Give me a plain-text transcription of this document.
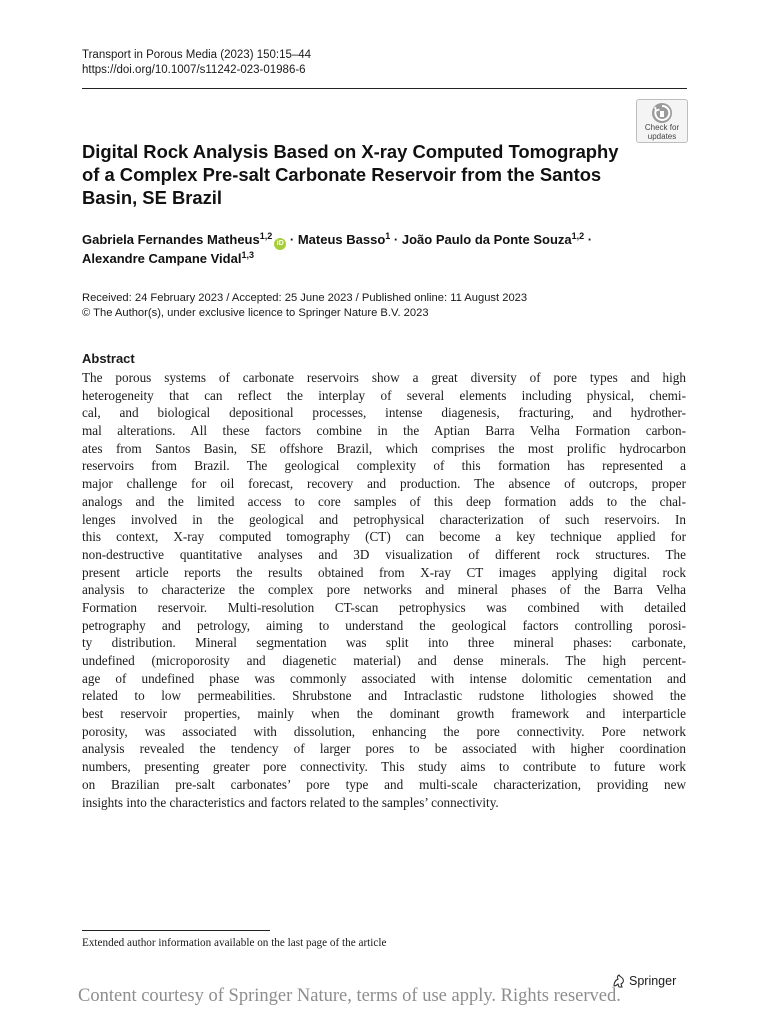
Transport in Porous Media (2023) 150:15–44
https://doi.org/10.1007/s11242-023-01986-6
Check for
updates
Digital Rock Analysis Based on X-ray Computed Tomography
of a Complex Pre-salt Carbonate Reservoir from the Santos
Basin, SE Brazil
Gabriela Fernandes Matheus$^{1,2}$iD · Mateus Basso$^1$ · João Paulo da Ponte Souza$^{1,2}$ ·
Alexandre Campane Vidal$^{1,3}$
Received: 24 February 2023 / Accepted: 25 June 2023 / Published online: 11 August 2023
© The Author(s), under exclusive licence to Springer Nature B.V. 2023
Abstract
The porous systems of carbonate reservoirs show a great diversity of pore types and high
heterogeneity that can reflect the interplay of several elements including physical, chemi-
cal, and biological depositional processes, intense diagenesis, fracturing, and hydrother-
mal alterations. All these factors combine in the Aptian Barra Velha Formation carbon-
ates from Santos Basin, SE offshore Brazil, which comprises the most prolific hydrocarbon
reservoirs from Brazil. The geological complexity of this formation has represented a
major challenge for oil forecast, recovery and production. The absence of outcrops, proper
analogs and the limited access to core samples of this deep formation adds to the chal-
lenges involved in the geological and petrophysical characterization of such reservoirs. In
this context, X-ray computed tomography (CT) can become a key technique applied for
non-destructive quantitative analyses and 3D visualization of different rock structures. The
present article reports the results obtained from X-ray CT images applying digital rock
analysis to characterize the complex pore networks and mineral phases of the Barra Velha
Formation reservoir. Multi-resolution CT-scan petrophysics was combined with detailed
petrography and petrology, aiming to understand the geological factors controlling porosi-
ty distribution. Mineral segmentation was split into three mineral phases: carbonate,
undefined (microporosity and diagenetic material) and dense minerals. The high percent-
age of undefined phase was commonly associated with intense dolomitic cementation and
related to low permeabilities. Shrubstone and Intraclastic rudstone lithologies showed the
best reservoir properties, mainly when the dominant growth framework and interparticle
porosity, was associated with dissolution, enhancing the pore connectivity. Pore network
analysis revealed the tendency of larger pores to be associated with higher coordination
numbers, presenting greater pore connectivity. This study aims to contribute to future work
on Brazilian pre-salt carbonates’ pore type and multi-scale characterization, providing new
insights into the characteristics and factors related to the samples’ connectivity.
Extended author information available on the last page of the article
Springer
Content courtesy of Springer Nature, terms of use apply. Rights reserved.
